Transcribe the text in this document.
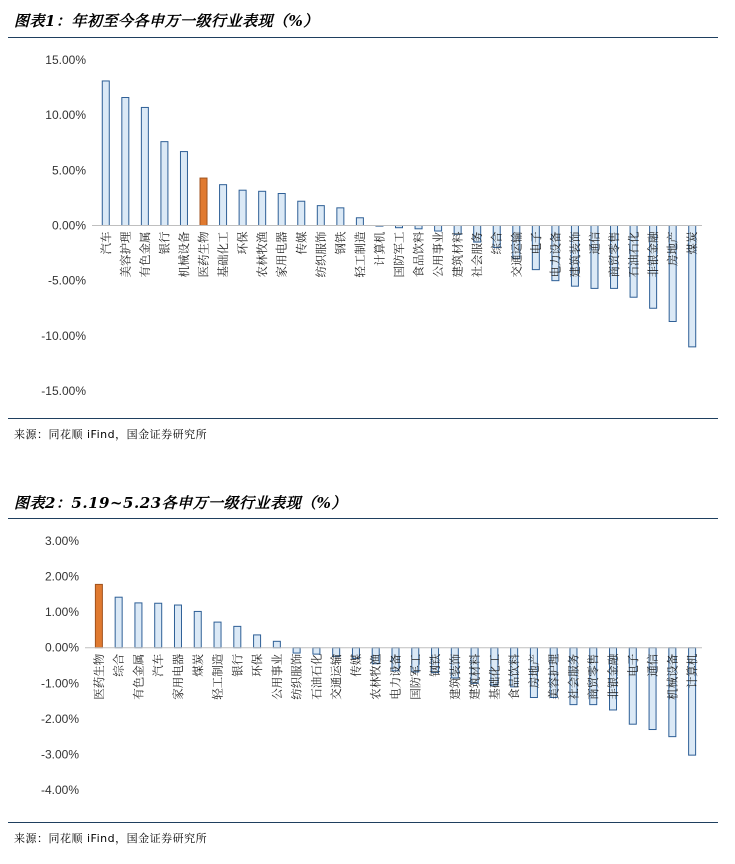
图表1：年初至今各申万一级行业表现（%）
15.00%
10.00%
5.00%
0.00%
-5.00%
-10.00%
-15.00%
汽车 美容护理 有色金属 银行 机械设备 医药生物 基础化工 环保 农林牧渔 家用电器 传媒 纺织服饰 钢铁 轻工制造 计算机 国防军工 食品饮料 公用事业 建筑材料 社会服务 综合 交通运输 电子 电力设备 建筑装饰 通信 商贸零售 石油石化 非银金融 房地产 煤炭
来源：同花顺 iFind，国金证券研究所
图表2：5.19~5.23各申万一级行业表现（%）
3.00%
2.00%
1.00%
0.00%
-1.00%
-2.00%
-3.00%
-4.00%
医药生物 综合 有色金属 汽车 家用电器 煤炭 轻工制造 银行 环保 公用事业 纺织服饰 石油石化 交通运输 传媒 农林牧渔 电力设备 国防军工 钢铁 建筑装饰 建筑材料 基础化工 食品饮料 房地产 美容护理 社会服务 商贸零售 非银金融 电子 通信 机械设备 计算机
来源：同花顺 iFind，国金证券研究所
